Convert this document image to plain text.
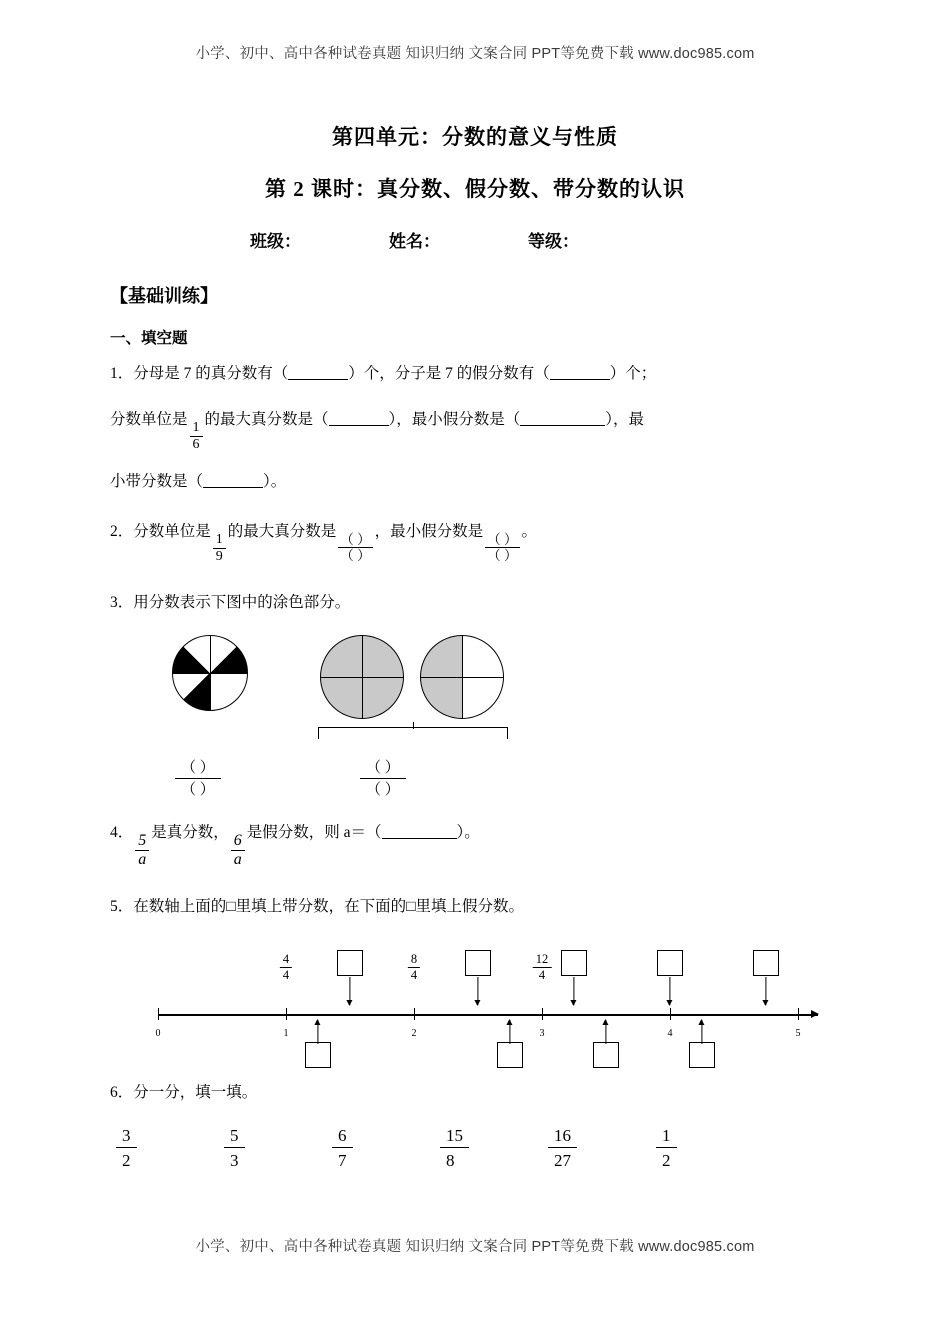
小学、初中、高中各种试卷真题 知识归纳 文案合同 PPT等免费下载 www.doc985.com
第四单元：分数的意义与性质
第 2 课时：真分数、假分数、带分数的认识
班级：	姓名：	等级：
【基础训练】
一、填空题
1．分母是 7 的真分数有（	）个，分子是 7 的假分数有（	）个；
分数单位是
$\frac{1}{6}$
的最大真分数是（	），最小假分数是（	），最
小带分数是（	）。
2．分数单位是
$\frac{1}{9}$
的最大真分数是 $\frac{( )}{( )}$ ，最小假分数是 $\frac{( )}{( )}$ 。
3．用分数表示下图中的涂色部分。
（ ）
（ ）
（ ）
（ ）
4． $\frac{5}{a}$ 是真分数， $\frac{6}{a}$ 是假分数，则 a＝（	）。
5．在数轴上面的□里填上带分数，在下面的□里填上假分数。
0	1	2	3	4	5
$\frac{4}{4}$	$\frac{8}{4}$	$\frac{12}{4}$
6．分一分，填一填。
3
2
5
3
6
7
15
8
16
27
1
2
小学、初中、高中各种试卷真题 知识归纳 文案合同 PPT等免费下载 www.doc985.com
